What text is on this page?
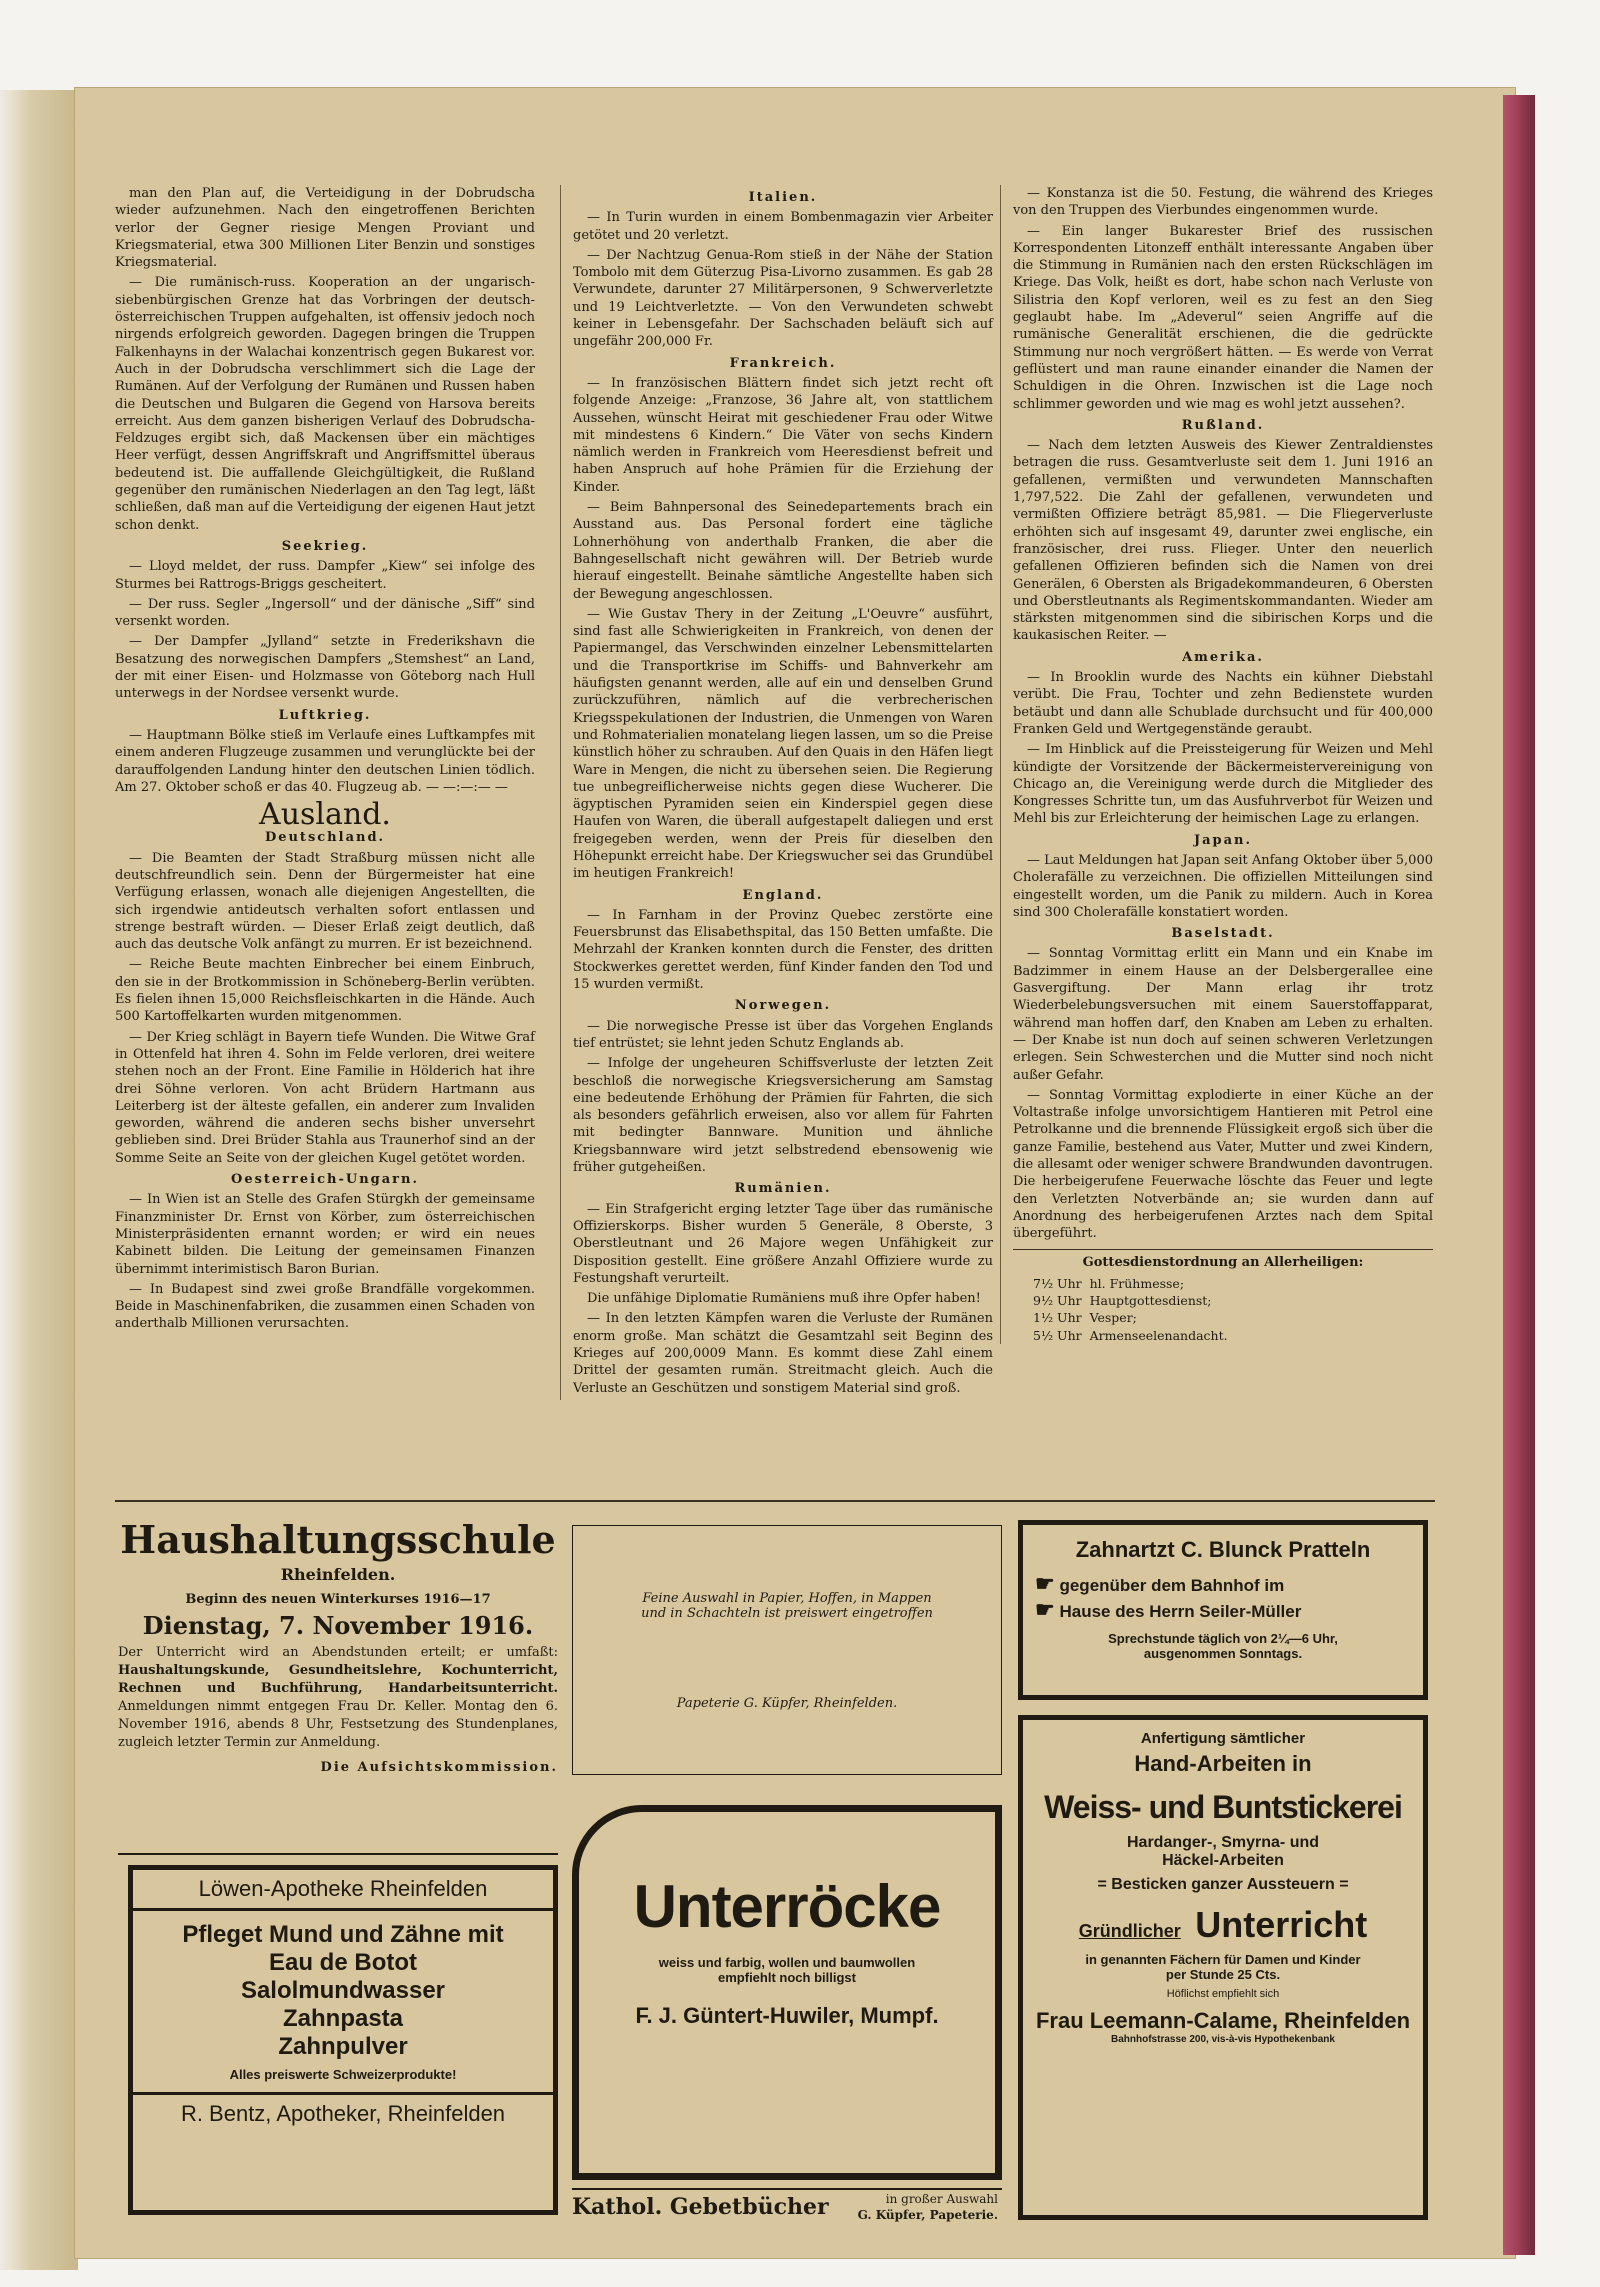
man den Plan auf, die Verteidigung in der Dobrudscha wieder aufzunehmen. Nach den eingetroffenen Berichten verlor der Gegner riesige Mengen Proviant und Kriegsmaterial, etwa 300 Millionen Liter Benzin und sonstiges Kriegsmaterial.

— Die rumänisch-russ. Kooperation an der ungarisch-siebenbürgischen Grenze hat das Vorbringen der deutsch-österreichischen Truppen aufgehalten, ist offensiv jedoch noch nirgends erfolgreich geworden. Dagegen bringen die Truppen Falkenhayns in der Walachai konzentrisch gegen Bukarest vor. Auch in der Dobrudscha verschlimmert sich die Lage der Rumänen. Auf der Verfolgung der Rumänen und Russen haben die Deutschen und Bulgaren die Gegend von Harsova bereits erreicht. Aus dem ganzen bisherigen Verlauf des Dobrudscha-Feldzuges ergibt sich, daß Mackensen über ein mächtiges Heer verfügt, dessen Angriffskraft und Angriffsmittel überaus bedeutend ist. Die auffallende Gleichgültigkeit, die Rußland gegenüber den rumänischen Niederlagen an den Tag legt, läßt schließen, daß man auf die Verteidigung der eigenen Haut jetzt schon denkt.

Seekrieg.

— Lloyd meldet, der russ. Dampfer „Kiew“ sei infolge des Sturmes bei Rattrogs-Briggs gescheitert.

— Der russ. Segler „Ingersoll“ und der dänische „Siff“ sind versenkt worden.

— Der Dampfer „Jylland“ setzte in Frederikshavn die Besatzung des norwegischen Dampfers „Stemshest“ an Land, der mit einer Eisen- und Holzmasse von Göteborg nach Hull unterwegs in der Nordsee versenkt wurde.

Luftkrieg.

— Hauptmann Bölke stieß im Verlaufe eines Luftkampfes mit einem anderen Flugzeuge zusammen und verunglückte bei der darauffolgenden Landung hinter den deutschen Linien tödlich. Am 27. Oktober schoß er das 40. Flugzeug ab. — —:—:— —

Ausland.
Deutschland.

— Die Beamten der Stadt Straßburg müssen nicht alle deutschfreundlich sein. Denn der Bürgermeister hat eine Verfügung erlassen, wonach alle diejenigen Angestellten, die sich irgendwie antideutsch verhalten sofort entlassen und strenge bestraft würden. — Dieser Erlaß zeigt deutlich, daß auch das deutsche Volk anfängt zu murren. Er ist bezeichnend.

— Reiche Beute machten Einbrecher bei einem Einbruch, den sie in der Brotkommission in Schöneberg-Berlin verübten. Es fielen ihnen 15,000 Reichsfleischkarten in die Hände. Auch 500 Kartoffelkarten wurden mitgenommen.

— Der Krieg schlägt in Bayern tiefe Wunden. Die Witwe Graf in Ottenfeld hat ihren 4. Sohn im Felde verloren, drei weitere stehen noch an der Front. Eine Familie in Hölderich hat ihre drei Söhne verloren. Von acht Brüdern Hartmann aus Leiterberg ist der älteste gefallen, ein anderer zum Invaliden geworden, während die anderen sechs bisher unversehrt geblieben sind. Drei Brüder Stahla aus Traunerhof sind an der Somme Seite an Seite von der gleichen Kugel getötet worden.

Oesterreich-Ungarn.

— In Wien ist an Stelle des Grafen Stürgkh der gemeinsame Finanzminister Dr. Ernst von Körber, zum österreichischen Ministerpräsidenten ernannt worden; er wird ein neues Kabinett bilden. Die Leitung der gemeinsamen Finanzen übernimmt interimistisch Baron Burian.

— In Budapest sind zwei große Brandfälle vorgekommen. Beide in Maschinenfabriken, die zusammen einen Schaden von anderthalb Millionen verursachten.

Italien.

— In Turin wurden in einem Bombenmagazin vier Arbeiter getötet und 20 verletzt.

— Der Nachtzug Genua-Rom stieß in der Nähe der Station Tombolo mit dem Güterzug Pisa-Livorno zusammen. Es gab 28 Verwundete, darunter 27 Militärpersonen, 9 Schwerverletzte und 19 Leichtverletzte. — Von den Verwundeten schwebt keiner in Lebensgefahr. Der Sachschaden beläuft sich auf ungefähr 200,000 Fr.

Frankreich.

— In französischen Blättern findet sich jetzt recht oft folgende Anzeige: „Franzose, 36 Jahre alt, von stattlichem Aussehen, wünscht Heirat mit geschiedener Frau oder Witwe mit mindestens 6 Kindern.“ Die Väter von sechs Kindern nämlich werden in Frankreich vom Heeresdienst befreit und haben Anspruch auf hohe Prämien für die Erziehung der Kinder.

— Beim Bahnpersonal des Seinedepartements brach ein Ausstand aus. Das Personal fordert eine tägliche Lohnerhöhung von anderthalb Franken, die aber die Bahngesellschaft nicht gewähren will. Der Betrieb wurde hierauf eingestellt. Beinahe sämtliche Angestellte haben sich der Bewegung angeschlossen.

— Wie Gustav Thery in der Zeitung „L'Oeuvre“ ausführt, sind fast alle Schwierigkeiten in Frankreich, von denen der Papiermangel, das Verschwinden einzelner Lebensmittelarten und die Transportkrise im Schiffs- und Bahnverkehr am häufigsten genannt werden, alle auf ein und denselben Grund zurückzuführen, nämlich auf die verbrecherischen Kriegsspekulationen der Industrien, die Unmengen von Waren und Rohmaterialien monatelang liegen lassen, um so die Preise künstlich höher zu schrauben. Auf den Quais in den Häfen liegt Ware in Mengen, die nicht zu übersehen seien. Die Regierung tue unbegreiflicherweise nichts gegen diese Wucherer. Die ägyptischen Pyramiden seien ein Kinderspiel gegen diese Haufen von Waren, die überall aufgestapelt daliegen und erst freigegeben werden, wenn der Preis für dieselben den Höhepunkt erreicht habe. Der Kriegswucher sei das Grundübel im heutigen Frankreich!

England.

— In Farnham in der Provinz Quebec zerstörte eine Feuersbrunst das Elisabethspital, das 150 Betten umfaßte. Die Mehrzahl der Kranken konnten durch die Fenster, des dritten Stockwerkes gerettet werden, fünf Kinder fanden den Tod und 15 wurden vermißt.

Norwegen.

— Die norwegische Presse ist über das Vorgehen Englands tief entrüstet; sie lehnt jeden Schutz Englands ab.

— Infolge der ungeheuren Schiffsverluste der letzten Zeit beschloß die norwegische Kriegsversicherung am Samstag eine bedeutende Erhöhung der Prämien für Fahrten, die sich als besonders gefährlich erweisen, also vor allem für Fahrten mit bedingter Bannware. Munition und ähnliche Kriegsbannware wird jetzt selbstredend ebensowenig wie früher gutgeheißen.

Rumänien.

— Ein Strafgericht erging letzter Tage über das rumänische Offizierskorps. Bisher wurden 5 Generäle, 8 Oberste, 3 Oberstleutnant und 26 Majore wegen Unfähigkeit zur Disposition gestellt. Eine größere Anzahl Offiziere wurde zu Festungshaft verurteilt.

Die unfähige Diplomatie Rumäniens muß ihre Opfer haben!

— In den letzten Kämpfen waren die Verluste der Rumänen enorm große. Man schätzt die Gesamtzahl seit Beginn des Krieges auf 200,0009 Mann. Es kommt diese Zahl einem Drittel der gesamten rumän. Streitmacht gleich. Auch die Verluste an Geschützen und sonstigem Material sind groß.

— Konstanza ist die 50. Festung, die während des Krieges von den Truppen des Vierbundes eingenommen wurde.

— Ein langer Bukarester Brief des russischen Korrespondenten Litonzeff enthält interessante Angaben über die Stimmung in Rumänien nach den ersten Rückschlägen im Kriege. Das Volk, heißt es dort, habe schon nach Verluste von Silistria den Kopf verloren, weil es zu fest an den Sieg geglaubt habe. Im „Adeverul“ seien Angriffe auf die rumänische Generalität erschienen, die die gedrückte Stimmung nur noch vergrößert hätten. — Es werde von Verrat geflüstert und man raune einander einander die Namen der Schuldigen in die Ohren. Inzwischen ist die Lage noch schlimmer geworden und wie mag es wohl jetzt aussehen?.

Rußland.

— Nach dem letzten Ausweis des Kiewer Zentraldienstes betragen die russ. Gesamtverluste seit dem 1. Juni 1916 an gefallenen, vermißten und verwundeten Mannschaften 1,797,522. Die Zahl der gefallenen, verwundeten und vermißten Offiziere beträgt 85,981. — Die Fliegerverluste erhöhten sich auf insgesamt 49, darunter zwei englische, ein französischer, drei russ. Flieger. Unter den neuerlich gefallenen Offizieren befinden sich die Namen von drei Generälen, 6 Obersten als Brigadekommandeuren, 6 Obersten und Oberstleutnants als Regimentskommandanten. Wieder am stärksten mitgenommen sind die sibirischen Korps und die kaukasischen Reiter. —

Amerika.

— In Brooklin wurde des Nachts ein kühner Diebstahl verübt. Die Frau, Tochter und zehn Bedienstete wurden betäubt und dann alle Schublade durchsucht und für 400,000 Franken Geld und Wertgegenstände geraubt.

— Im Hinblick auf die Preissteigerung für Weizen und Mehl kündigte der Vorsitzende der Bäckermeistervereinigung von Chicago an, die Vereinigung werde durch die Mitglieder des Kongresses Schritte tun, um das Ausfuhrverbot für Weizen und Mehl bis zur Erleichterung der heimischen Lage zu erlangen.

Japan.

— Laut Meldungen hat Japan seit Anfang Oktober über 5,000 Cholerafälle zu verzeichnen. Die offiziellen Mitteilungen sind eingestellt worden, um die Panik zu mildern. Auch in Korea sind 300 Cholerafälle konstatiert worden.

Baselstadt.

— Sonntag Vormittag erlitt ein Mann und ein Knabe im Badzimmer in einem Hause an der Delsbergerallee eine Gasvergiftung. Der Mann erlag ihr trotz Wiederbelebungsversuchen mit einem Sauerstoffapparat, während man hoffen darf, den Knaben am Leben zu erhalten. — Der Knabe ist nun doch auf seinen schweren Verletzungen erlegen. Sein Schwesterchen und die Mutter sind noch nicht außer Gefahr.

— Sonntag Vormittag explodierte in einer Küche an der Voltastraße infolge unvorsichtigem Hantieren mit Petrol eine Petrolkanne und die brennende Flüssigkeit ergoß sich über die ganze Familie, bestehend aus Vater, Mutter und zwei Kindern, die allesamt oder weniger schwere Brandwunden davontrugen. Die herbeigerufene Feuerwache löschte das Feuer und legte den Verletzten Notverbände an; sie wurden dann auf Anordnung des herbeigerufenen Arztes nach dem Spital übergeführt.

Gottesdienstordnung an Allerheiligen:
7½ Uhr	hl. Frühmesse;
9½ Uhr	Hauptgottesdienst;
1½ Uhr	Vesper;
5½ Uhr	Armenseelenandacht.
Haushaltungsschule
Rheinfelden.
Beginn des neuen Winterkurses 1916—17
Dienstag, 7. November 1916.
Der Unterricht wird an Abendstunden erteilt; er umfaßt: Haushaltungskunde, Gesundheitslehre, Kochunterricht, Rechnen und Buchführung, Handarbeitsunterricht. Anmeldungen nimmt entgegen Frau Dr. Keller. Montag den 6. November 1916, abends 8 Uhr, Festsetzung des Stundenplanes, zugleich letzter Termin zur Anmeldung.
Die Aufsichtskommission.
Feine Auswahl in Papier, Hoffen, in Mappen
und in Schachteln ist preiswert eingetroffen
Papeterie G. Küpfer, Rheinfelden.
Zahnartzt C. Blunck Pratteln
☛ gegenüber dem Bahnhof im
☛ Hause des Herrn Seiler-Müller
Sprechstunde täglich von 2¼—6 Uhr,
ausgenommen Sonntags.
Löwen-Apotheke Rheinfelden
Pfleget Mund und Zähne mit
Eau de Botot
Salolmundwasser
Zahnpasta
Zahnpulver
Alles preiswerte Schweizerprodukte!
R. Bentz, Apotheker, Rheinfelden
Unterröcke
weiss und farbig, wollen und baumwollen
empfiehlt noch billigst
F. J. Güntert-Huwiler, Mumpf.
Kathol. Gebetbücher	in großer Auswahl
G. Küpfer, Papeterie.
Anfertigung sämtlicher
Hand-Arbeiten in
Weiss- und Buntstickerei
Hardanger-, Smyrna- und
Häckel-Arbeiten
= Besticken ganzer Aussteuern =
Gründlicher Unterricht
in genannten Fächern für Damen und Kinder
per Stunde 25 Cts.
Höflichst empfiehlt sich
Frau Leemann-Calame, Rheinfelden
Bahnhofstrasse 200, vis-à-vis Hypothekenbank
